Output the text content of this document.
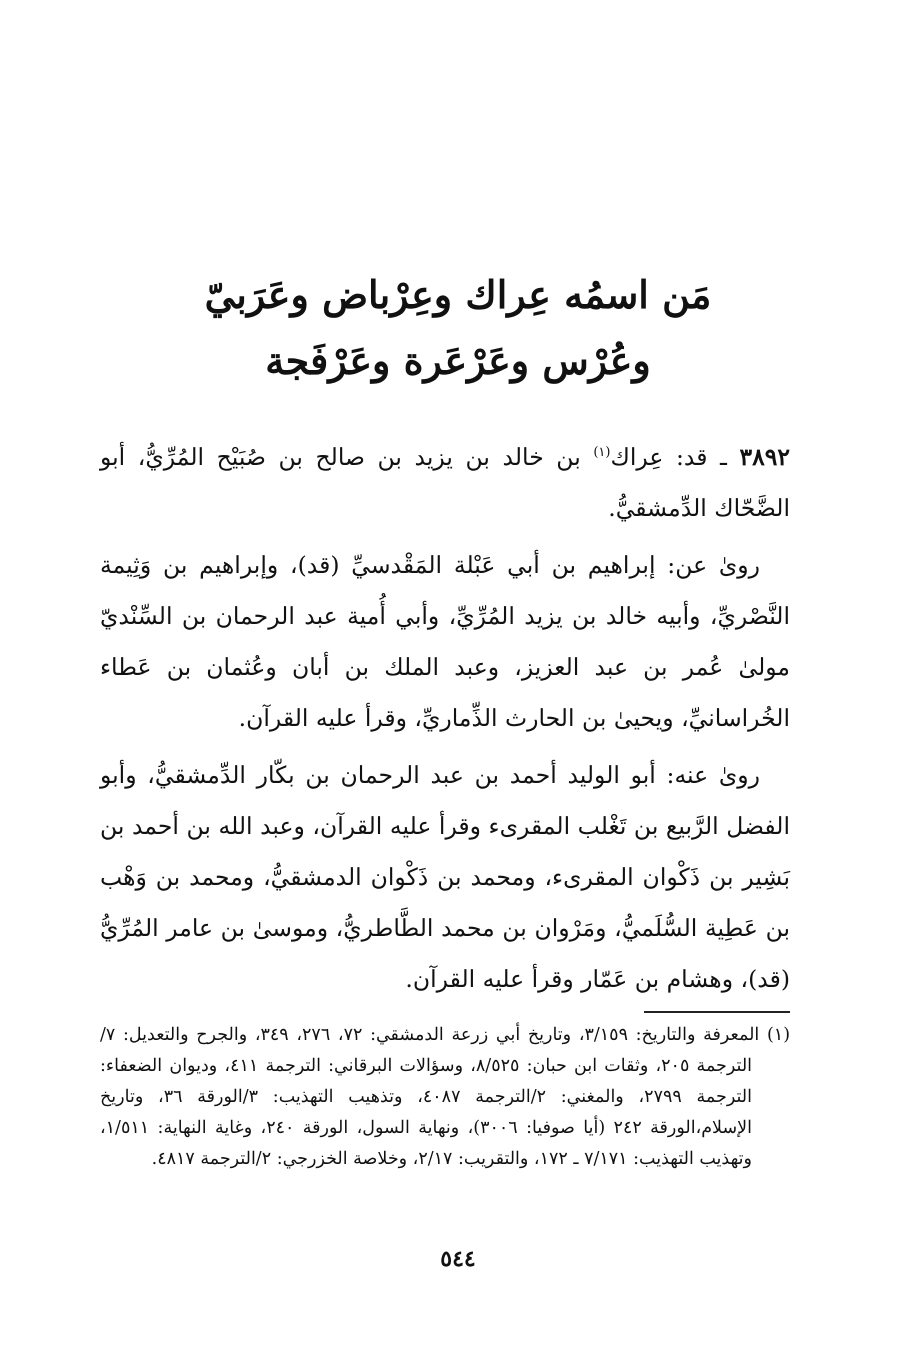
مَن اسمُه عِراك وعِرْباض وعَرَبيّ
وعُرْس وعَرْعَرة وعَرْفَجة

٣٨٩٢ ـ قد: عِراك$^{(١)}$ بن خالد بن يزيد بن صالح بن صُبَيْح المُرِّيُّ، أبو الضَّحّاك الدِّمشقيُّ.

روىٰ عن: إبراهيم بن أبي عَبْلة المَقْدسيِّ (قد)، وإبراهيم بن وَثِيمة النَّصْريِّ، وأبيه خالد بن يزيد المُرِّيِّ، وأبي أُمية عبد الرحمان بن السِّنْديّ مولىٰ عُمر بن عبد العزيز، وعبد الملك بن أبان وعُثمان بن عَطاء الخُراسانيِّ، ويحيىٰ بن الحارث الذِّماريِّ، وقرأ عليه القرآن.

روىٰ عنه: أبو الوليد أحمد بن عبد الرحمان بن بكّار الدِّمشقيُّ، وأبو الفضل الرَّبيع بن تَغْلب المقرىء وقرأ عليه القرآن، وعبد الله بن أحمد بن بَشِير بن ذَكْوان المقرىء، ومحمد بن ذَكْوان الدمشقيُّ، ومحمد بن وَهْب بن عَطِية السُّلَميُّ، ومَرْوان بن محمد الطَّاطريُّ، وموسىٰ بن عامر المُرِّيُّ (قد)، وهشام بن عَمّار وقرأ عليه القرآن.

(١) المعرفة والتاريخ: ٣/١٥٩، وتاريخ أبي زرعة الدمشقي: ٧٢، ٢٧٦، ٣٤٩، والجرح والتعديل: ٧/الترجمة ٢٠٥، وثقات ابن حبان: ٨/٥٢٥، وسؤالات البرقاني: الترجمة ٤١١، وديوان الضعفاء: الترجمة ٢٧٩٩، والمغني: ٢/الترجمة ٤٠٨٧، وتذهيب التهذيب: ٣/الورقة ٣٦، وتاريخ الإسلام،الورقة ٢٤٢ (أيا صوفيا: ٣٠٠٦)، ونهاية السول، الورقة ٢٤٠، وغاية النهاية: ١/٥١١، وتهذيب التهذيب: ٧/١٧١ ـ ١٧٢، والتقريب: ٢/١٧، وخلاصة الخزرجي: ٢/الترجمة ٤٨١٧.

٥٤٤
